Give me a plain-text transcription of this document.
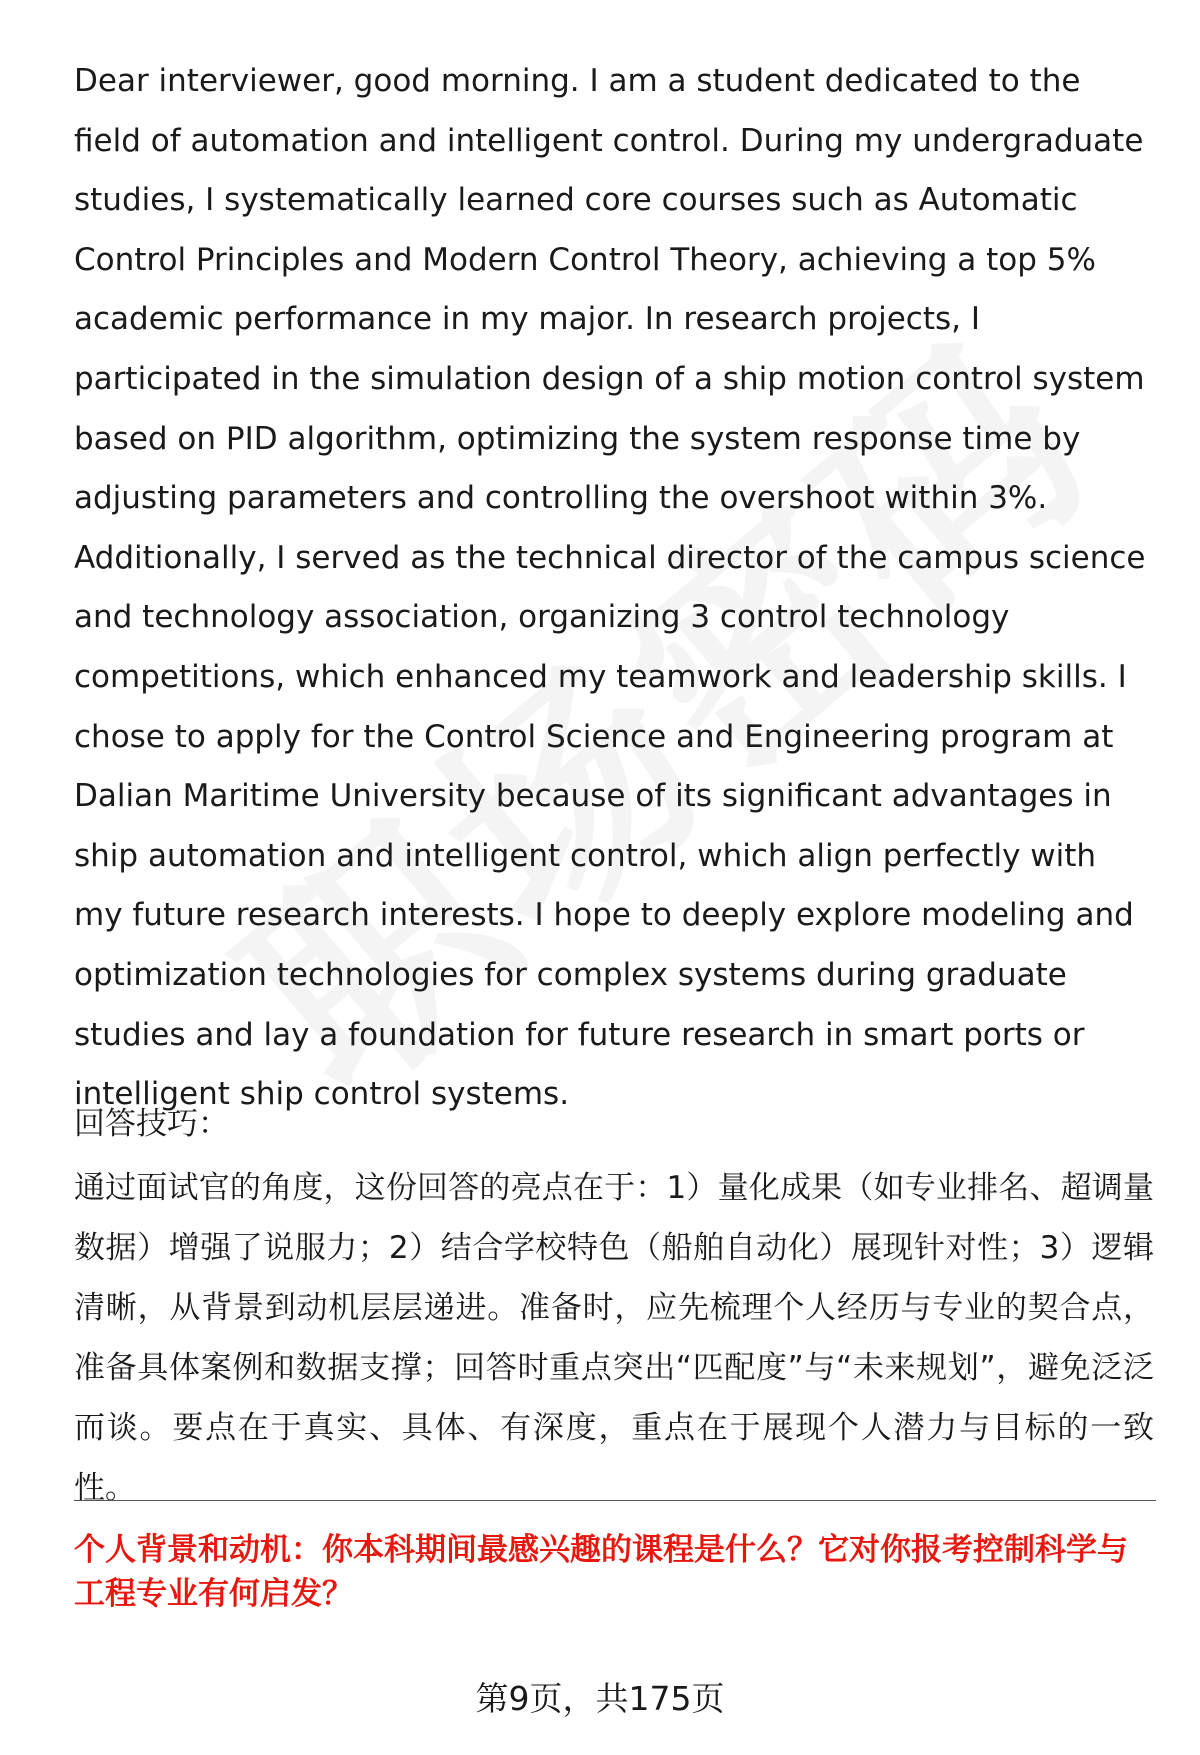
Dear interviewer, good morning. I am a student dedicated to the field of automation and intelligent control. During my undergraduate studies, I systematically learned core courses such as Automatic Control Principles and Modern Control Theory, achieving a top 5% academic performance in my major. In research projects, I participated in the simulation design of a ship motion control system based on PID algorithm, optimizing the system response time by adjusting parameters and controlling the overshoot within 3%. Additionally, I served as the technical director of the campus science and technology association, organizing 3 control technology competitions, which enhanced my teamwork and leadership skills. I chose to apply for the Control Science and Engineering program at Dalian Maritime University because of its significant advantages in ship automation and intelligent control, which align perfectly with my future research interests. I hope to deeply explore modeling and optimization technologies for complex systems during graduate studies and lay a foundation for future research in smart ports or intelligent ship control systems.

回答技巧：

通过面试官的角度，这份回答的亮点在于：1）量化成果（如专业排名、超调量数据）增强了说服力；2）结合学校特色（船舶自动化）展现针对性；3）逻辑清晰，从背景到动机层层递进。准备时，应先梳理个人经历与专业的契合点，准备具体案例和数据支撑；回答时重点突出“匹配度”与“未来规划”，避免泛泛而谈。要点在于真实、具体、有深度，重点在于展现个人潜力与目标的一致性。

个人背景和动机：你本科期间最感兴趣的课程是什么？它对你报考控制科学与工程专业有何启发？

第9页，共175页
